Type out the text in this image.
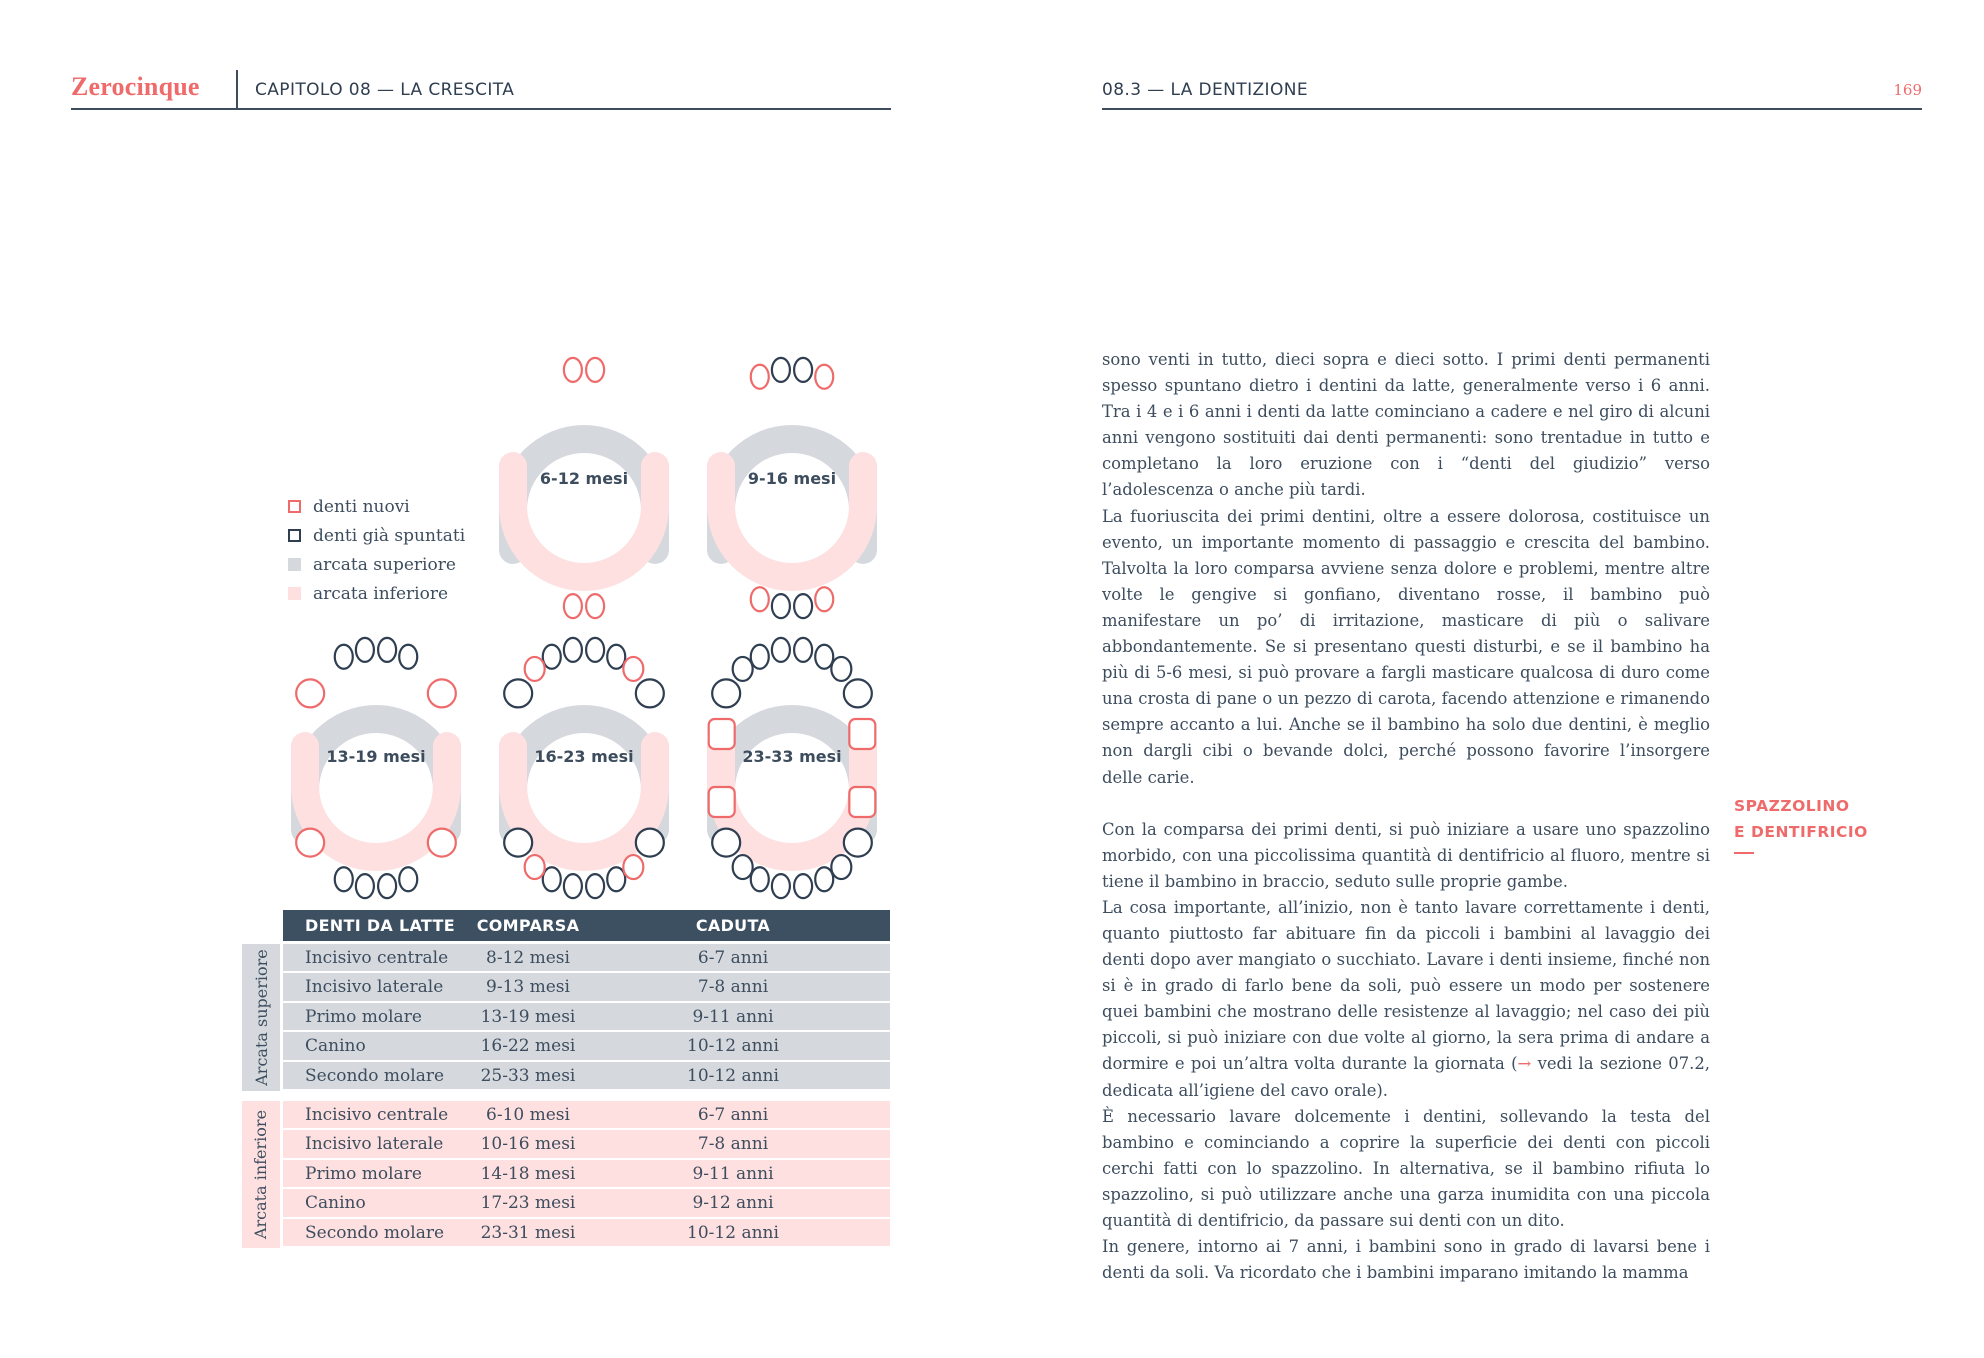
Zerocinque	CAPITOLO 08 — LA CRESCITA	08.3 — LA DENTIZIONE	169
denti nuovi
denti già spuntati
arcata superiore
arcata inferiore
6-12 mesi	9-16 mesi
13-19 mesi	16-23 mesi	23-33 mesi
DENTI DA LATTE	COMPARSA	CADUTA
Arcata superiore Incisivo centrale	8-12 mesi	6-7 anni
Incisivo laterale	9-13 mesi	7-8 anni
Primo molare	13-19 mesi	9-11 anni
Canino	16-22 mesi	10-12 anni
Secondo molare	25-33 mesi	10-12 anni
Arcata inferiore Incisivo centrale	6-10 mesi	6-7 anni
Incisivo laterale	10-16 mesi	7-8 anni
Primo molare	14-18 mesi	9-11 anni
Canino	17-23 mesi	9-12 anni
Secondo molare	23-31 mesi	10-12 anni

sono venti in tutto, dieci sopra e dieci sotto. I primi denti permanenti spesso spuntano dietro i dentini da latte, generalmente verso i 6 anni. Tra i 4 e i 6 anni i denti da latte cominciano a cadere e nel giro di alcuni anni vengono sostituiti dai denti permanenti: sono trentadue in tutto e completano la loro eruzione con i “denti del giudizio” verso l’adolescenza o anche più tardi.

La fuoriuscita dei primi dentini, oltre a essere dolorosa, costituisce un evento, un importante momento di passaggio e crescita del bambino. Talvolta la loro comparsa avviene senza dolore e problemi, mentre altre volte le gengive si gonfiano, diventano rosse, il bambino può manifestare un po’ di irritazione, masticare di più o salivare abbondantemente. Se si presentano questi disturbi, e se il bambino ha più di 5-6 mesi, si può provare a fargli masticare qualcosa di duro come una crosta di pane o un pezzo di carota, facendo attenzione e rimanendo sempre accanto a lui. Anche se il bambino ha solo due dentini, è meglio non dargli cibi o bevande dolci, perché possono favorire l’insorgere delle carie.

Con la comparsa dei primi denti, si può iniziare a usare uno spazzolino morbido, con una piccolissima quantità di dentifricio al fluoro, mentre si tiene il bambino in braccio, seduto sulle proprie gambe.

La cosa importante, all’inizio, non è tanto lavare correttamente i denti, quanto piuttosto far abituare fin da piccoli i bambini al lavaggio dei denti dopo aver mangiato o succhiato. Lavare i denti insieme, finché non si è in grado di farlo bene da soli, può essere un modo per sostenere quei bambini che mostrano delle resistenze al lavaggio; nel caso dei più piccoli, si può iniziare con due volte al giorno, la sera prima di andare a dormire e poi un’altra volta durante la giornata (→ vedi la sezione 07.2, dedicata all’igiene del cavo orale).

È necessario lavare dolcemente i dentini, sollevando la testa del bambino e cominciando a coprire la superficie dei denti con piccoli cerchi fatti con lo spazzolino. In alternativa, se il bambino rifiuta lo spazzolino, si può utilizzare anche una garza inumidita con una piccola quantità di dentifricio, da passare sui denti con un dito.

In genere, intorno ai 7 anni, i bambini sono in grado di lavarsi bene i denti da soli. Va ricordato che i bambini imparano imitando la mamma

SPAZZOLINO
E DENTIFRICIO
